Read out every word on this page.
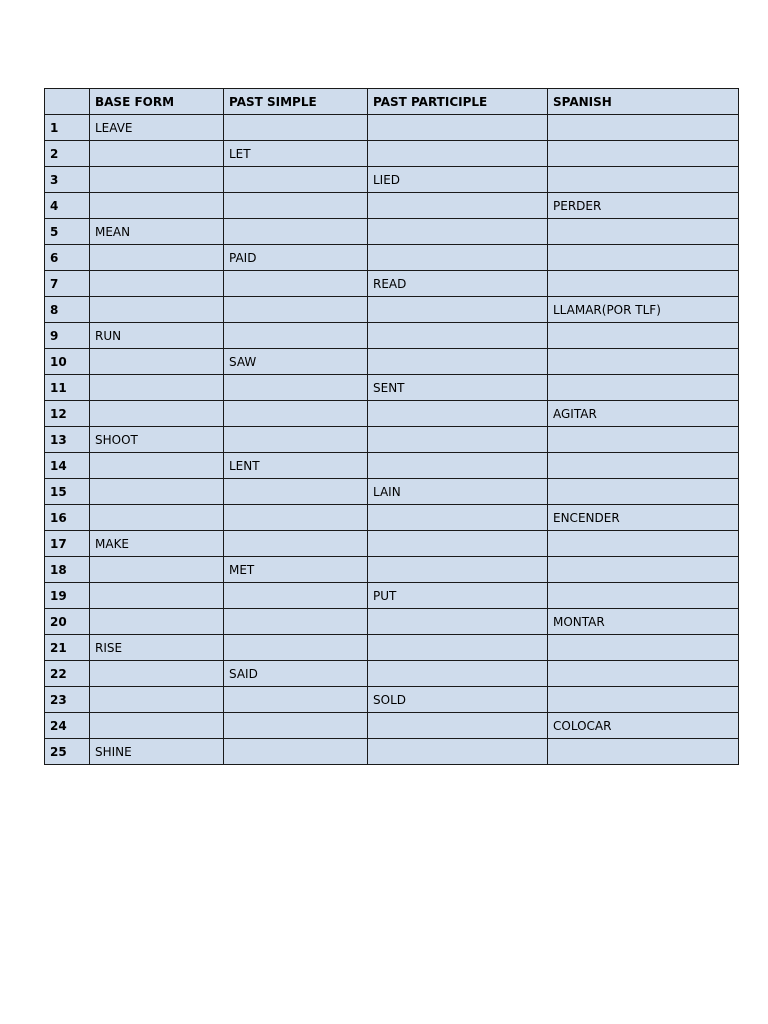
	BASE FORM	PAST SIMPLE	PAST PARTICIPLE	SPANISH
1	LEAVE			
2		LET		
3			LIED	
4				PERDER
5	MEAN			
6		PAID		
7			READ	
8				LLAMAR(POR TLF)
9	RUN			
10		SAW		
11			SENT	
12				AGITAR
13	SHOOT			
14		LENT		
15			LAIN	
16				ENCENDER
17	MAKE			
18		MET		
19			PUT	
20				MONTAR
21	RISE			
22		SAID		
23			SOLD	
24				COLOCAR
25	SHINE			
